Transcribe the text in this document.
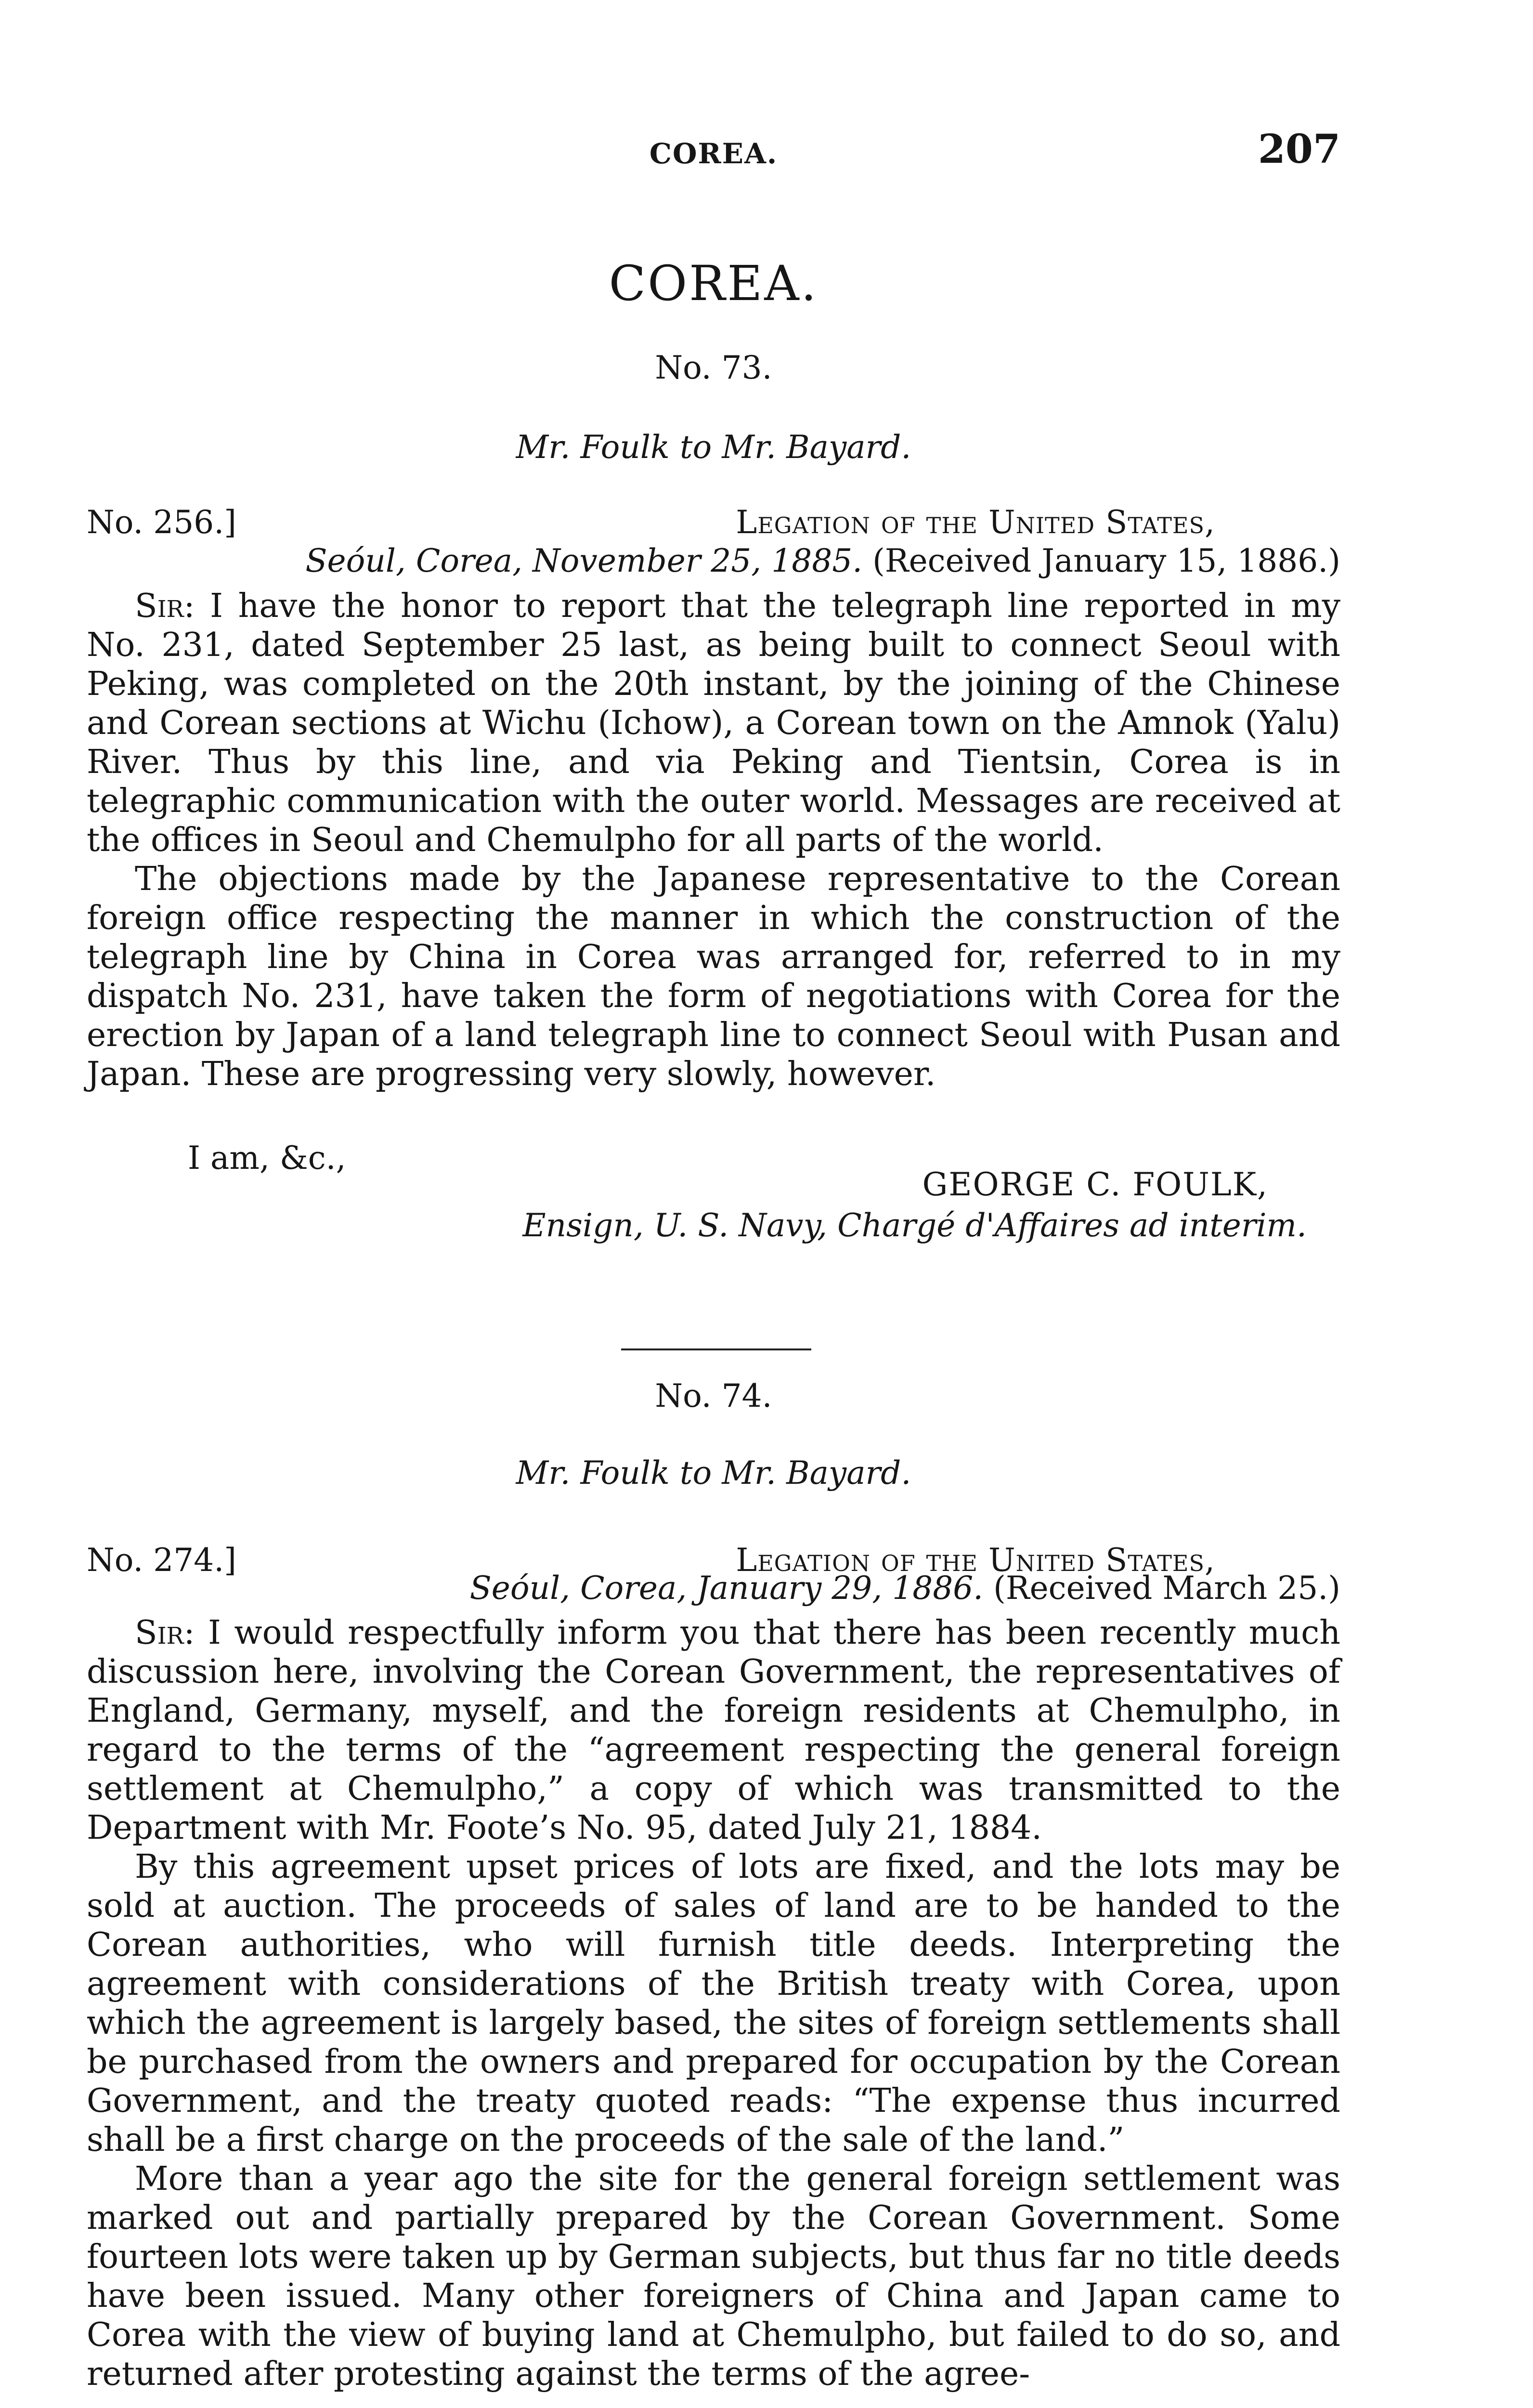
COREA.	207
COREA.
No. 73.
Mr. Foulk to Mr. Bayard.
No. 256.]	Legation of the United States,
Seóul, Corea, November 25, 1885. (Received January 15, 1886.)

Sir: I have the honor to report that the telegraph line reported in my No. 231, dated September 25 last, as being built to connect Seoul with Peking, was completed on the 20th instant, by the joining of the Chinese and Corean sections at Wichu (Ichow), a Corean town on the Amnok (Yalu) River. Thus by this line, and via Peking and Tientsin, Corea is in telegraphic communication with the outer world. Messages are received at the offices in Seoul and Chemulpho for all parts of the world.

The objections made by the Japanese representative to the Corean foreign office respecting the manner in which the construction of the telegraph line by China in Corea was arranged for, referred to in my dispatch No. 231, have taken the form of negotiations with Corea for the erection by Japan of a land telegraph line to connect Seoul with Pusan and Japan. These are progressing very slowly, however.

I am, &c.,
GEORGE C. FOULK,
Ensign, U. S. Navy, Chargé d'Affaires ad interim.
No. 74.
Mr. Foulk to Mr. Bayard.
No. 274.]	Legation of the United States,
Seóul, Corea, January 29, 1886. (Received March 25.)

Sir: I would respectfully inform you that there has been recently much discussion here, involving the Corean Government, the representatives of England, Germany, myself, and the foreign residents at Chemulpho, in regard to the terms of the “agreement respecting the general foreign settlement at Chemulpho,” a copy of which was transmitted to the Department with Mr. Foote’s No. 95, dated July 21, 1884.

By this agreement upset prices of lots are fixed, and the lots may be sold at auction. The proceeds of sales of land are to be handed to the Corean authorities, who will furnish title deeds. Interpreting the agreement with considerations of the British treaty with Corea, upon which the agreement is largely based, the sites of foreign settlements shall be purchased from the owners and prepared for occupation by the Corean Government, and the treaty quoted reads: “The expense thus incurred shall be a first charge on the proceeds of the sale of the land.”

More than a year ago the site for the general foreign settlement was marked out and partially prepared by the Corean Government. Some fourteen lots were taken up by German subjects, but thus far no title deeds have been issued. Many other foreigners of China and Japan came to Corea with the view of buying land at Chemulpho, but failed to do so, and returned after protesting against the terms of the agree-
